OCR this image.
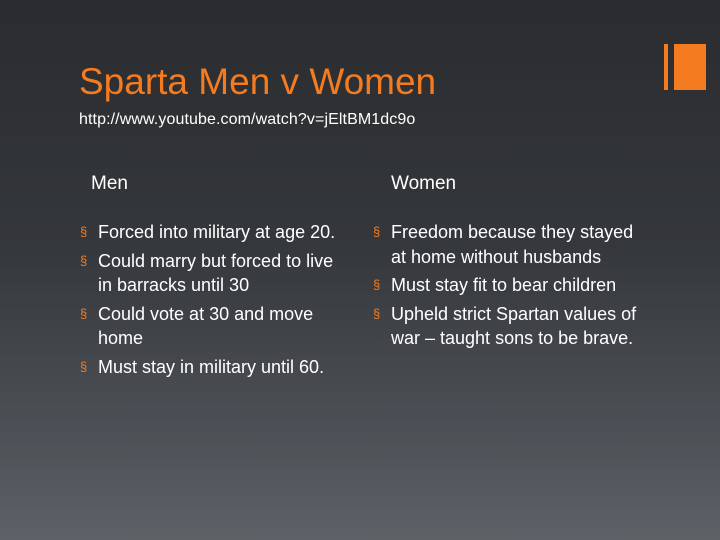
Sparta Men v Women
http://www.youtube.com/watch?v=jEltBM1dc9o
Men	Women
§ Forced into military at age 20.
§ Could marry but forced to live in barracks until 30
§ Could vote at 30 and move home
§ Must stay in military until 60.
§ Freedom because they stayed at home without husbands
§ Must stay fit to bear children
§ Upheld strict Spartan values of war – taught sons to be brave.
